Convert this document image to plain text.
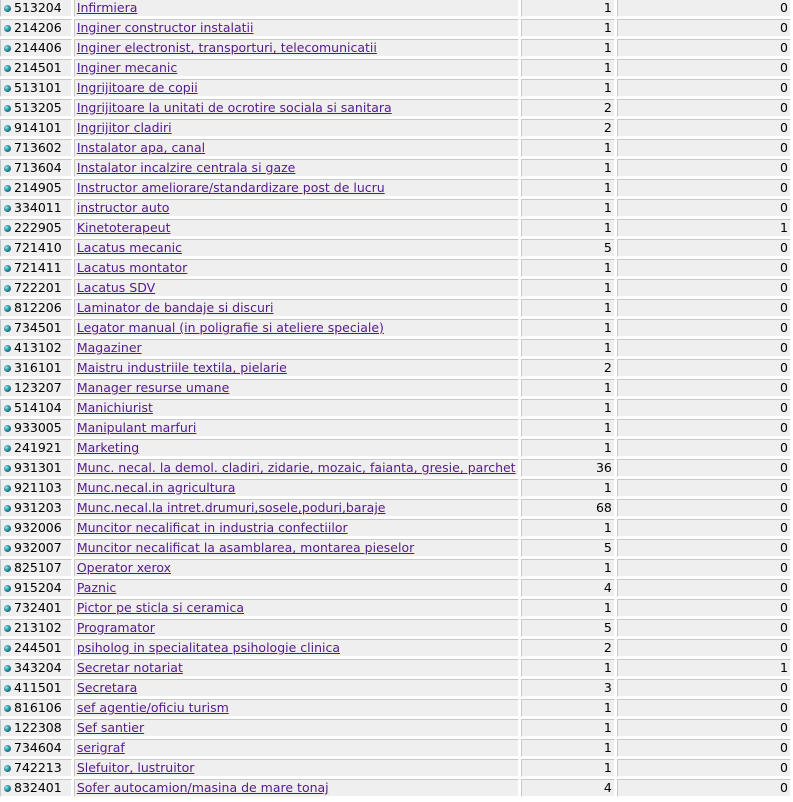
513204	Infirmiera	1	0
214206	Inginer constructor instalatii	1	0
214406	Inginer electronist, transporturi, telecomunicatii	1	0
214501	Inginer mecanic	1	0
513101	Ingrijitoare de copii	1	0
513205	Ingrijitoare la unitati de ocrotire sociala si sanitara	2	0
914101	Ingrijitor cladiri	2	0
713602	Instalator apa, canal	1	0
713604	Instalator incalzire centrala si gaze	1	0
214905	Instructor ameliorare/standardizare post de lucru	1	0
334011	instructor auto	1	0
222905	Kinetoterapeut	1	1
721410	Lacatus mecanic	5	0
721411	Lacatus montator	1	0
722201	Lacatus SDV	1	0
812206	Laminator de bandaje si discuri	1	0
734501	Legator manual (in poligrafie si ateliere speciale)	1	0
413102	Magaziner	1	0
316101	Maistru industriile textila, pielarie	2	0
123207	Manager resurse umane	1	0
514104	Manichiurist	1	0
933005	Manipulant marfuri	1	0
241921	Marketing	1	0
931301	Munc. necal. la demol. cladiri, zidarie, mozaic, faianta, gresie, parchet	36	0
921103	Munc.necal.in agricultura	1	0
931203	Munc.necal.la intret.drumuri,sosele,poduri,baraje	68	0
932006	Muncitor necalificat in industria confectiilor	1	0
932007	Muncitor necalificat la asamblarea, montarea pieselor	5	0
825107	Operator xerox	1	0
915204	Paznic	4	0
732401	Pictor pe sticla si ceramica	1	0
213102	Programator	5	0
244501	psiholog in specialitatea psihologie clinica	2	0
343204	Secretar notariat	1	1
411501	Secretara	3	0
816106	sef agentie/oficiu turism	1	0
122308	Sef santier	1	0
734604	serigraf	1	0
742213	Slefuitor, lustruitor	1	0
832401	Sofer autocamion/masina de mare tonaj	4	0
